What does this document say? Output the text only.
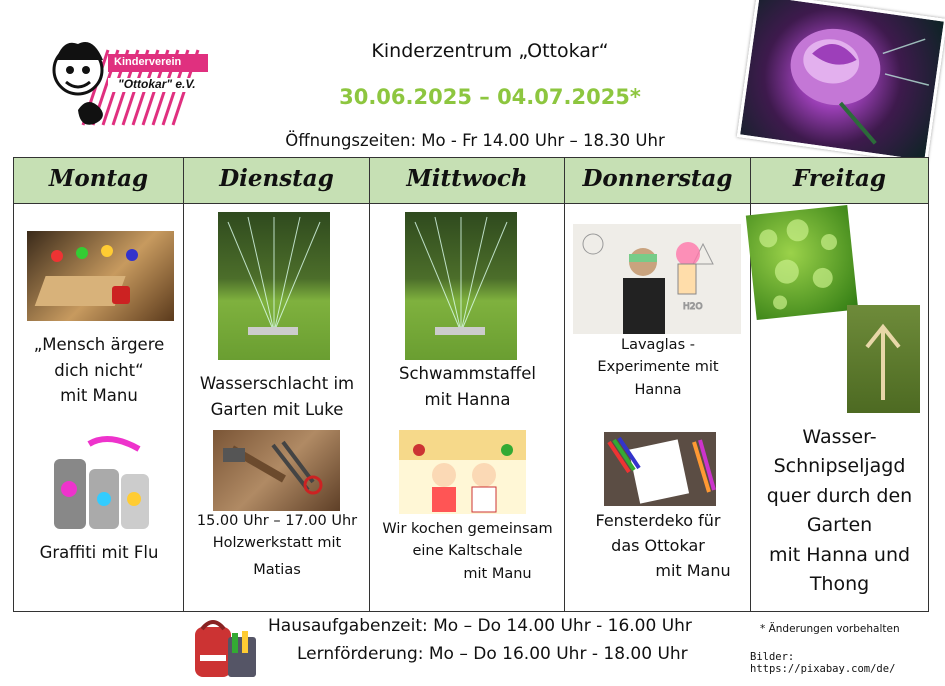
Kinderverein
"Ottokar" e.V.
Kinderzentrum „Ottokar“
30.06.2025 – 04.07.2025*
Öffnungszeiten: Mo - Fr 14.00 Uhr – 18.30 Uhr
Montag
„Mensch ärgere
dich nicht“
mit Manu
Graffiti mit Flu
Dienstag
Wasserschlacht im
Garten mit Luke
15.00 Uhr – 17.00 Uhr
Holzwerkstatt mit
Matias
Mittwoch
Schwammstaffel
mit Hanna
Wir kochen gemeinsam
eine Kaltschale
mit Manu
Donnerstag
H2O
Lavaglas -
Experimente mit
Hanna
Fensterdeko für
das Ottokar
mit Manu
Freitag
Wasser-
Schnipseljagd
quer durch den
Garten
mit Hanna und
Thong
Hausaufgabenzeit: Mo – Do 14.00 Uhr - 16.00 Uhr
Lernförderung: Mo – Do 16.00 Uhr - 18.00 Uhr
* Änderungen vorbehalten
Bilder: https://pixabay.com/de/
